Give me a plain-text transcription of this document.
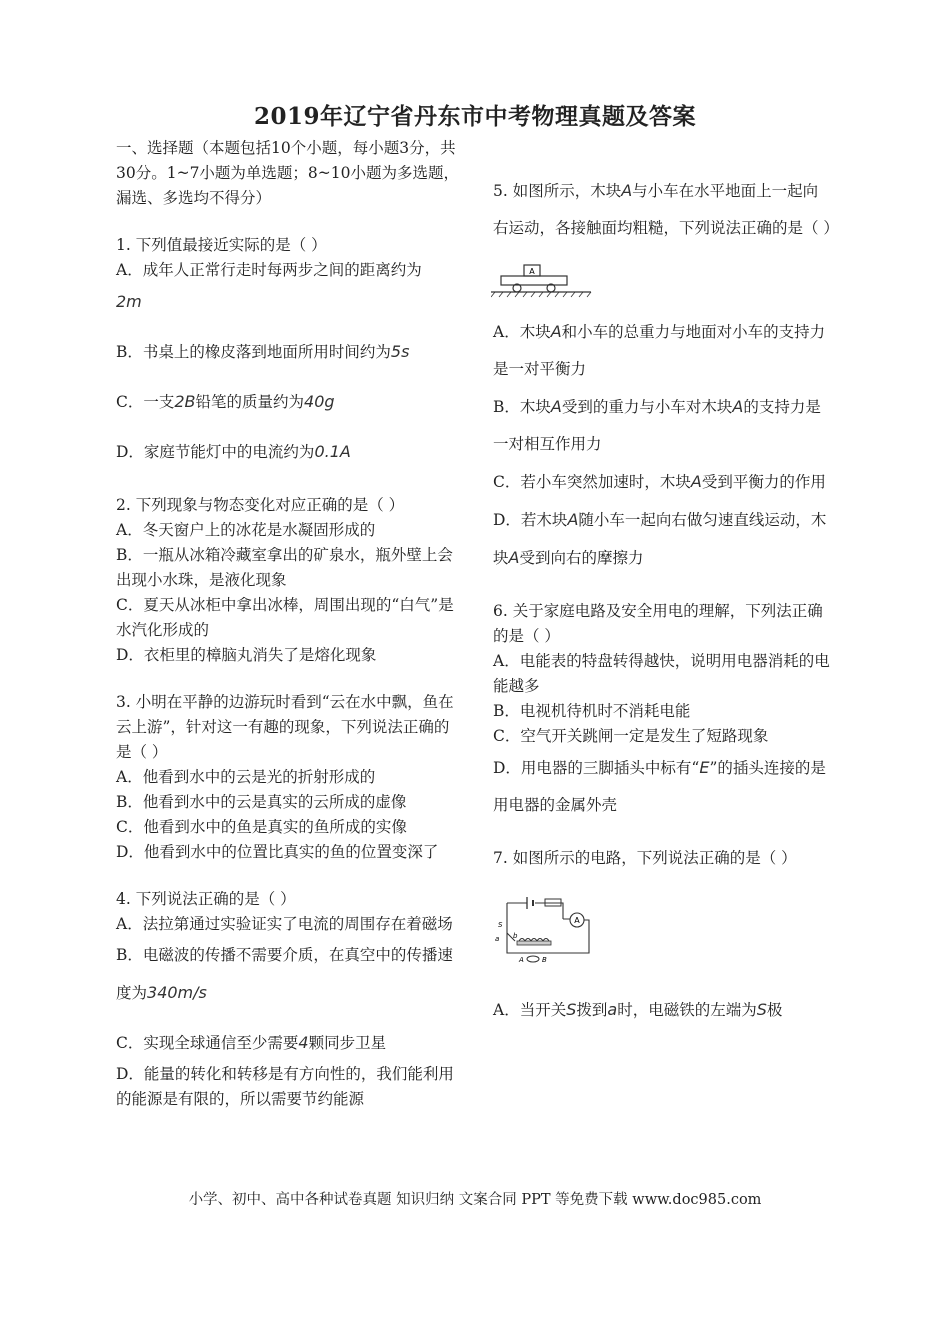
2019年辽宁省丹东市中考物理真题及答案

一、选择题（本题包括10个小题，每小题3分，共30分。1~7小题为单选题；8~10小题为多选题，漏选、多选均不得分）

1. 下列值最接近实际的是（ ）

A．成年人正常行走时每两步之间的距离约为

2m

B．书桌上的橡皮落到地面所用时间约为5s

C．一支2B铅笔的质量约为40g

D．家庭节能灯中的电流约为0.1A

2. 下列现象与物态变化对应正确的是（ ）

A．冬天窗户上的冰花是水凝固形成的

B．一瓶从冰箱冷藏室拿出的矿泉水，瓶外壁上会出现小水珠，是液化现象

C．夏天从冰柜中拿出冰棒，周围出现的“白气”是水汽化形成的

D．衣柜里的樟脑丸消失了是熔化现象

3. 小明在平静的边游玩时看到“云在水中飘，鱼在云上游”，针对这一有趣的现象，下列说法正确的是（ ）

A．他看到水中的云是光的折射形成的

B．他看到水中的云是真实的云所成的虚像

C．他看到水中的鱼是真实的鱼所成的实像

D．他看到水中的位置比真实的鱼的位置变深了

4. 下列说法正确的是（ ）

A．法拉第通过实验证实了电流的周围存在着磁场

B．电磁波的传播不需要介质，在真空中的传播速度为340m/s

C．实现全球通信至少需要4颗同步卫星

D．能量的转化和转移是有方向性的，我们能利用的能源是有限的，所以需要节约能源

5. 如图所示，木块A与小车在水平地面上一起向右运动，各接触面均粗糙，下列说法正确的是（ ）

A

A．木块A和小车的总重力与地面对小车的支持力是一对平衡力

B．木块A受到的重力与小车对木块A的支持力是一对相互作用力

C．若小车突然加速时，木块A受到平衡力的作用

D．若木块A随小车一起向右做匀速直线运动，木块A受到向右的摩擦力

6. 关于家庭电路及安全用电的理解，下列法正确的是（ ）

A．电能表的特盘转得越快，说明用电器消耗的电能越多

B．电视机待机时不消耗电能

C．空气开关跳闸一定是发生了短路现象

D．用电器的三脚插头中标有“E”的插头连接的是用电器的金属外壳

7. 如图所示的电路，下列说法正确的是（ ）

A
S
a b
A	B

A．当开关S拨到a时，电磁铁的左端为S极

小学、初中、高中各种试卷真题 知识归纳 文案合同 PPT 等免费下载 www.doc985.com
